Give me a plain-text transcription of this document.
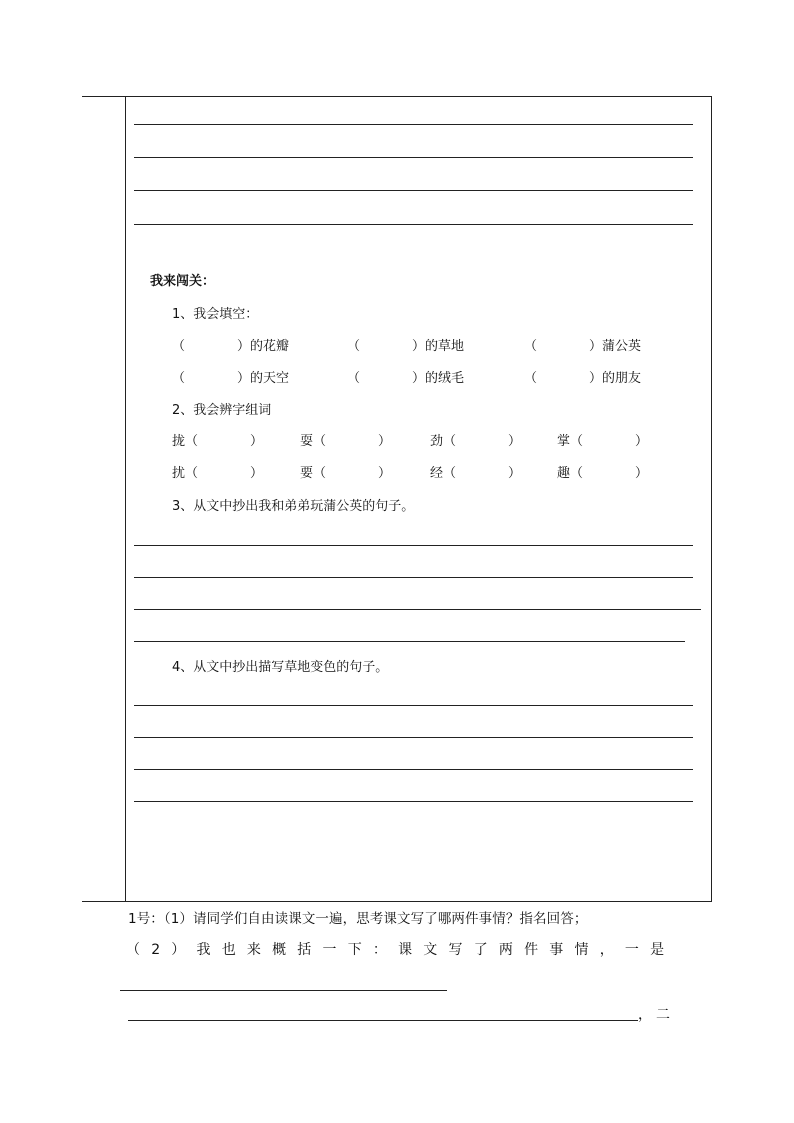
我来闯关：
1、我会填空：
（　　　　）的花瓣	（　　　　）的草地	（　　　　）蒲公英
（　　　　）的天空	（　　　　）的绒毛	（　　　　）的朋友
2、我会辨字组词
拢（　　　　）	耍（　　　　）	劲（　　　　）	掌（　　　　）
扰（　　　　）	要（　　　　）	经（　　　　）	趣（　　　　）
3、从文中抄出我和弟弟玩蒲公英的句子。
4、从文中抄出描写草地变色的句子。
1号：（1）请同学们自由读课文一遍，思考课文写了哪两件事情？指名回答；
（2）我也来概括一下：课文写了两件事情，一是
，二
